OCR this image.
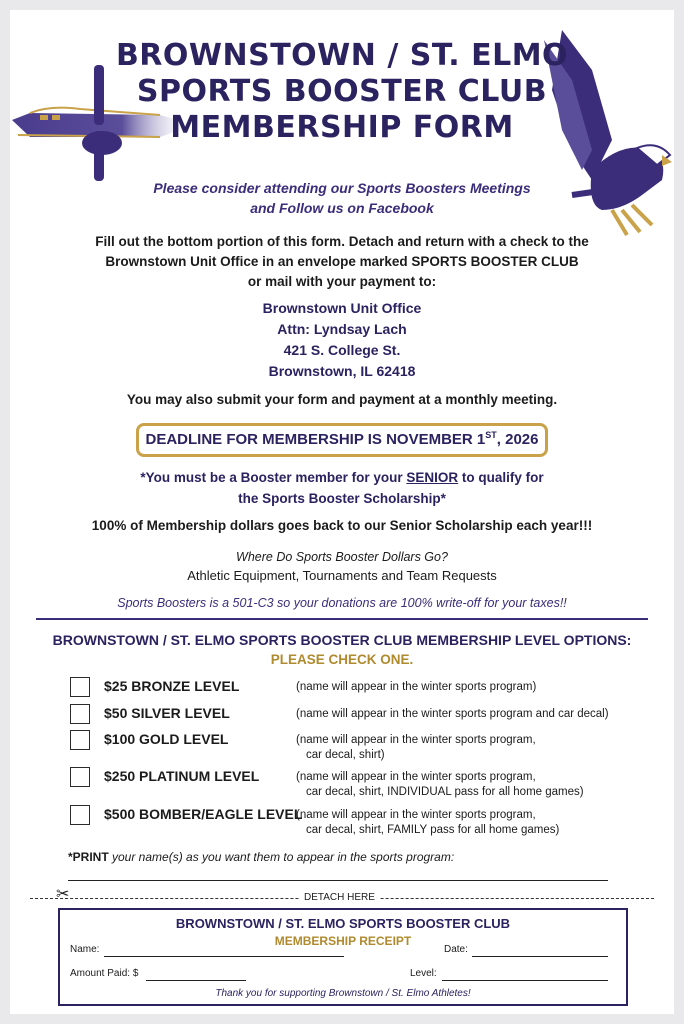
BROWNSTOWN / ST. ELMO
SPORTS BOOSTER CLUB
MEMBERSHIP FORM
Please consider attending our Sports Boosters Meetings
and Follow us on Facebook
Fill out the bottom portion of this form. Detach and return with a check to the
Brownstown Unit Office in an envelope marked SPORTS BOOSTER CLUB
or mail with your payment to:
Brownstown Unit Office
Attn: Lyndsay Lach
421 S. College St.
Brownstown, IL 62418
You may also submit your form and payment at a monthly meeting.
DEADLINE FOR MEMBERSHIP IS NOVEMBER 1ST, 2026
*You must be a Booster member for your SENIOR to qualify for
the Sports Booster Scholarship*
100% of Membership dollars goes back to our Senior Scholarship each year!!!
Where Do Sports Booster Dollars Go?
Athletic Equipment, Tournaments and Team Requests
Sports Boosters is a 501-C3 so your donations are 100% write-off for your taxes!!
BROWNSTOWN / ST. ELMO SPORTS BOOSTER CLUB MEMBERSHIP LEVEL OPTIONS:
PLEASE CHECK ONE.
$25 BRONZE LEVEL	(name will appear in the winter sports program)
$50 SILVER LEVEL	(name will appear in the winter sports program and car decal)
$100 GOLD LEVEL	(name will appear in the winter sports program,
car decal, shirt)
$250 PLATINUM LEVEL	(name will appear in the winter sports program,
car decal, shirt, INDIVIDUAL pass for all home games)
$500 BOMBER/EAGLE LEVEL
(name will appear in the winter sports program,
car decal, shirt, FAMILY pass for all home games)
*PRINT your name(s) as you want them to appear in the sports program:
✂	DETACH HERE
BROWNSTOWN / ST. ELMO SPORTS BOOSTER CLUB
MEMBERSHIP RECEIPT
Name:	Date:
Amount Paid: $	Level:
Thank you for supporting Brownstown / St. Elmo Athletes!
